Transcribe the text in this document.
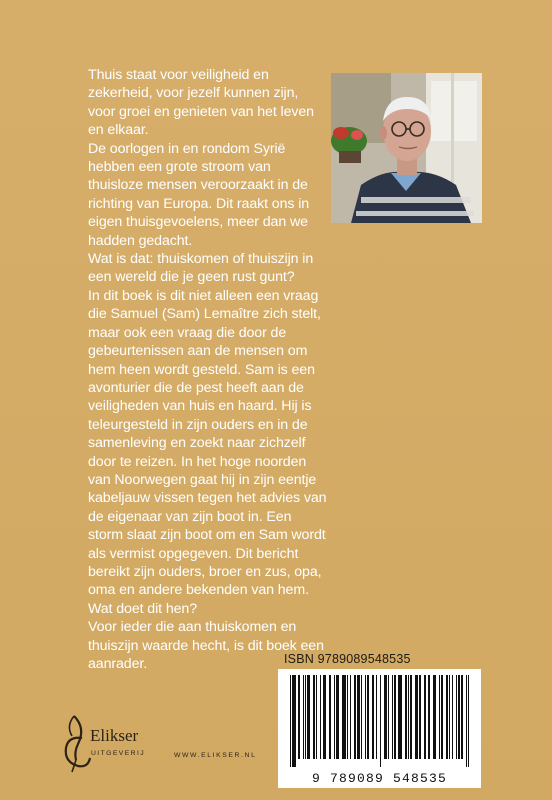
Thuis staat voor veiligheid en zekerheid, voor jezelf kunnen zijn, voor groei en genieten van het leven en elkaar.

De oorlogen in en rondom Syrië hebben een grote stroom van thuisloze mensen veroorzaakt in de richting van Europa. Dit raakt ons in eigen thuisgevoelens, meer dan we hadden gedacht.

Wat is dat: thuiskomen of thuiszijn in een wereld die je geen rust gunt?

In dit boek is dit niet alleen een vraag die Samuel (Sam) Lemaître zich stelt, maar ook een vraag die door de gebeurtenissen aan de mensen om hem heen wordt gesteld. Sam is een avonturier die de pest heeft aan de veiligheden van huis en haard. Hij is teleurgesteld in zijn ouders en in de samenleving en zoekt naar zichzelf door te reizen. In het hoge noorden van Noorwegen gaat hij in zijn eentje kabeljauw vissen tegen het advies van de eigenaar van zijn boot in. Een storm slaat zijn boot om en Sam wordt als vermist opgegeven. Dit bericht bereikt zijn ouders, broer en zus, opa, oma en andere bekenden van hem. Wat doet dit hen?

Voor ieder die aan thuiskomen en thuiszijn waarde hecht, is dit boek een aanrader.	ISBN 9789089548535
9 789089 548535
Elikser
UITGEVERIJ	WWW.ELIKSER.NL
